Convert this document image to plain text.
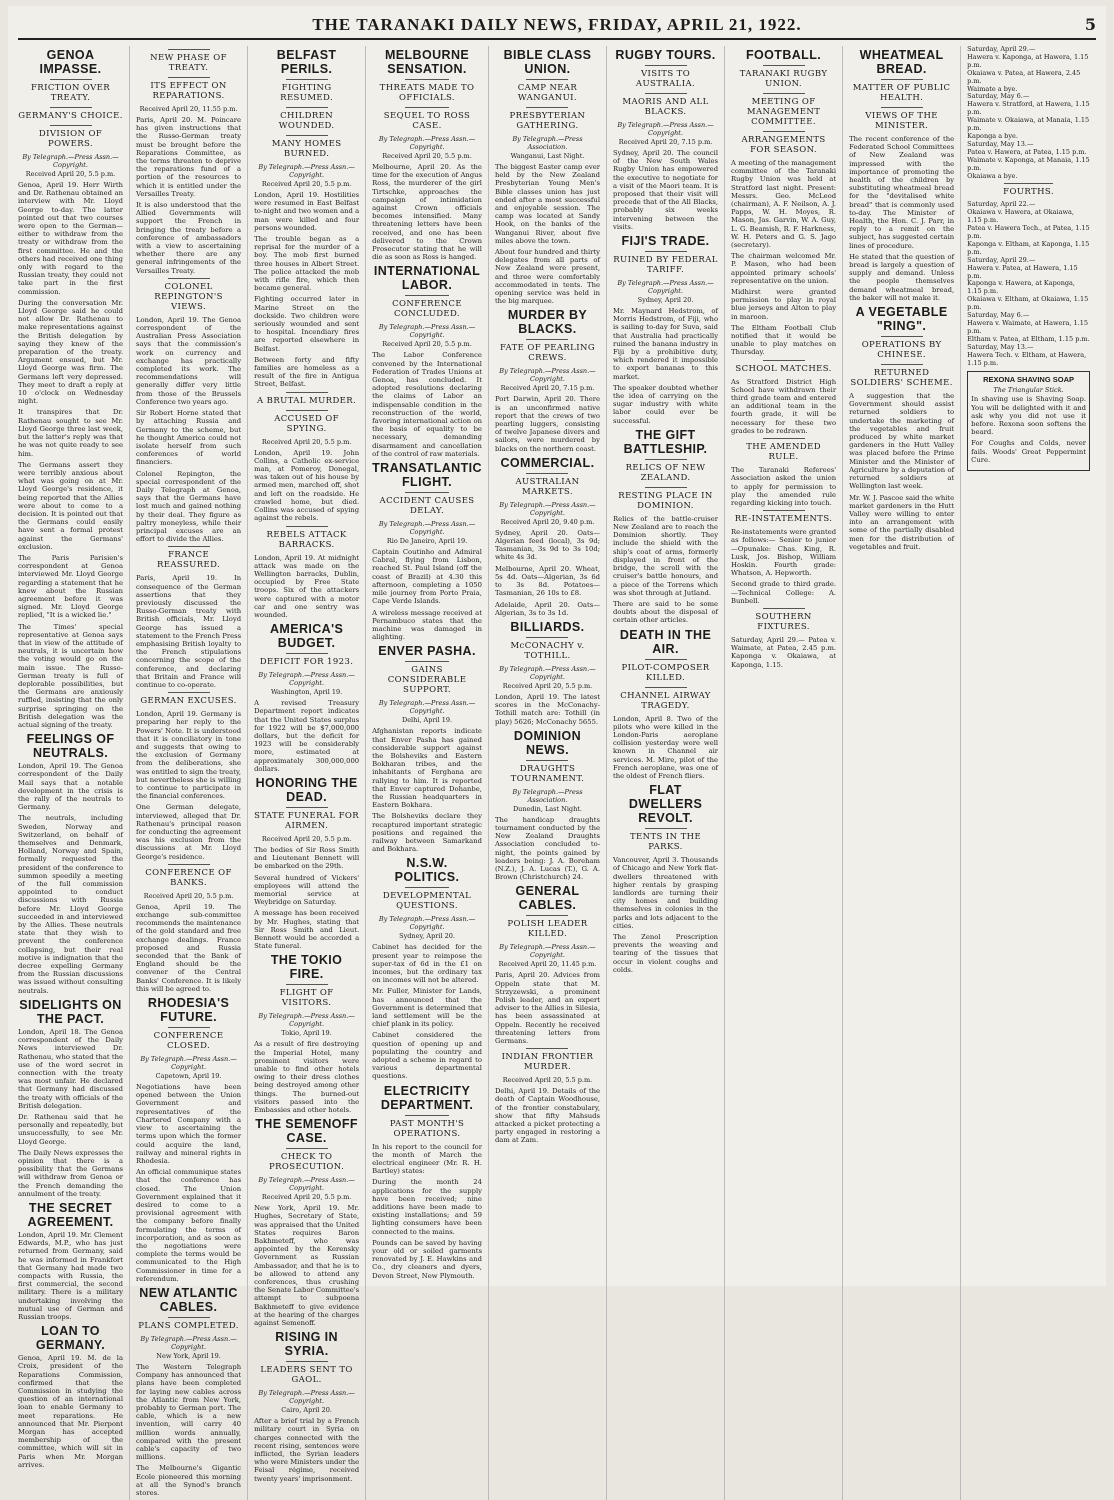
THE TARANAKI DAILY NEWS, FRIDAY, APRIL 21, 1922.	5
GENOA IMPASSE.
FRICTION OVER TREATY.
GERMANY'S CHOICE.
DIVISION OF POWERS.
By Telegraph.—Press Assn.—Copyright.
Received April 20, 5.5 p.m.

Genoa, April 19. Herr Wirth and Dr. Rathenau obtained an interview with Mr. Lloyd George to-day. The latter pointed out that two courses were open to the German—either to withdraw from the treaty or withdraw from the first committee. He and the others had received one thing only with regard to the Russian treaty, they could not take part in the first commission.

During the conversation Mr. Lloyd George said he could not allow Dr. Rathenau to make representations against the British delegation by saying they knew of the preparation of the treaty. Argument ensued, but Mr. Lloyd George was firm. The Germans left very depressed. They meet to draft a reply at 10 o'clock on Wednesday night.

It transpires that Dr. Rathenau sought to see Mr. Lloyd George three last week, but the latter's reply was that he was not quite ready to see him.

The Germans assert they were terribly anxious about what was going on at Mr. Lloyd George's residence, it being reported that the Allies were about to come to a decision. It is pointed out that the Germans could easily have sent a formal protest against the Germans' exclusion.

The Paris Parisien's correspondent at Genoa interviewed Mr. Lloyd George regarding a statement that he knew about the Russian agreement before it was signed. Mr. Lloyd George replied, "It is a wicked lie."

The Times' special representative at Genoa says that in view of the attitude of neutrals, it is uncertain how the voting would go on the main issue. The Russo-German treaty is full of deplorable possibilities, but the Germans are anxiously ruffled, insisting that the only surprise springing on the British delegation was the actual signing of the treaty.

FEELINGS OF NEUTRALS.

London, April 19. The Genoa correspondent of the Daily Mail says that a notable development in the crisis is the rally of the neutrals to Germany.

The neutrals, including Sweden, Norway and Switzerland, on behalf of themselves and Denmark, Holland, Norway and Spain, formally requested the president of the conference to summon speedily a meeting of the full commission appointed to conduct discussions with Russia before Mr. Lloyd George succeeded in and interviewed by the Allies. These neutrals state that they wish to prevent the conference collapsing, but their real motive is indignation that the decree expelling Germany from the Russian discussions was issued without consulting neutrals.

SIDELIGHTS ON THE PACT.

London, April 18. The Genoa correspondent of the Daily News interviewed Dr. Rathenau, who stated that the use of the word secret in connection with the treaty was most unfair. He declared that Germany had discussed the treaty with officials of the British delegation.

Dr. Rathenau said that he personally and repeatedly, but unsuccessfully, to see Mr. Lloyd George.

The Daily News expresses the opinion that there is a possibility that the Germans will withdraw from Genoa or the French demanding the annulment of the treaty.

THE SECRET AGREEMENT.

London, April 19. Mr. Clement Edwards, M.P., who has just returned from Germany, said he was informed in Frankfort that Germany had made two compacts with Russia, the first commercial, the second military. There is a military undertaking involving the mutual use of German and Russian troops.

LOAN TO GERMANY.

Genoa, April 19. M. de la Croix, president of the Reparations Commission, confirmed that the Commission in studying the question of an international loan to enable Germany to meet reparations. He announced that Mr. Pierpont Morgan has accepted membership of the committee, which will sit in Paris when Mr. Morgan arrives.

NEW PHASE OF TREATY.
ITS EFFECT ON REPARATIONS.
Received April 20, 11.55 p.m.

Paris, April 20. M. Poincare has given instructions that the Russo-German treaty must be brought before the Reparations Committee, as the terms threaten to deprive the reparations fund of a portion of the resources to which it is entitled under the Versailles Treaty.

It is also understood that the Allied Governments will support the French in bringing the treaty before a conference of ambassadors with a view to ascertaining whether there are any general infringements of the Versailles Treaty.

COLONEL REPINGTON'S VIEWS.

London, April 19. The Genoa correspondent of the Australian Press Association says that the commission's work on currency and exchange has practically completed its work. The recommendations will generally differ very little from those of the Brussels Conference two years ago.

Sir Robert Horne stated that by attaching Russia and Germany to the scheme, but he thought America could not isolate herself from such conferences of world financiers.

Colonel Repington, the special correspondent of the Daily Telegraph at Genoa, says that the Germans have lost much and gained nothing by their deal. They figure as paltry moneyless, while their principal excuses are an effort to divide the Allies.

FRANCE REASSURED.

Paris, April 19. In consequence of the German assertions that they previously discussed the Russo-German treaty with British officials, Mr. Lloyd George has issued a statement to the French Press emphasising British loyalty to the French stipulations concerning the scope of the conference, and declaring that Britain and France will continue to co-operate.

GERMAN EXCUSES.

London, April 19. Germany is preparing her reply to the Powers' Note. It is understood that it is conciliatory in tone and suggests that owing to the exclusion of Germany from the deliberations, she was entitled to sign the treaty, but nevertheless she is willing to continue to participate in the financial conferences.

One German delegate, interviewed, alleged that Dr. Rathenau's principal reason for conducting the agreement was his exclusion from the discussions at Mr. Lloyd George's residence.

CONFERENCE OF BANKS.
Received April 20, 5.5 p.m.

Genoa, April 19. The exchange sub-committee recommends the maintenance of the gold standard and free exchange dealings. France proposed and Russia seconded that the Bank of England should be the convener of the Central Banks' Conference. It is likely this will be agreed to.

RHODESIA'S FUTURE.
CONFERENCE CLOSED.
By Telegraph.—Press Assn.—Copyright.
Capetown, April 19.

Negotiations have been opened between the Union Government and representatives of the Chartered Company with a view to ascertaining the terms upon which the former could acquire the land, railway and mineral rights in Rhodesia.

An official communique states that the conference has closed. The Union Government explained that it desired to come to a provisional agreement with the company before finally formulating the terms of incorporation, and as soon as the negotiations were complete the terms would be communicated to the High Commissioner in time for a referendum.

NEW ATLANTIC CABLES.
PLANS COMPLETED.
By Telegraph.—Press Assn.—Copyright.
New York, April 19.

The Western Telegraph Company has announced that plans have been completed for laying new cables across the Atlantic from New York, probably to German port. The cable, which is a new invention, will carry 40 million words annually, compared with the present cable's capacity of two millions.

The Melbourne's Gigantic Ecole pioneered this morning at all the Synod's branch stores.

BELFAST PERILS.
FIGHTING RESUMED.
CHILDREN WOUNDED.
MANY HOMES BURNED.
By Telegraph.—Press Assn.—Copyright.
Received April 20, 5.5 p.m.

London, April 19. Hostilities were resumed in East Belfast to-night and two women and a man were killed and four persons wounded.

The trouble began as a reprisal for the murder of a boy. The mob first burned three houses in Albert Street. The police attacked the mob with rifle fire, which then became general.

Fighting occurred later in Marine Street on the dockside. Two children were seriously wounded and sent to hospital. Incendiary fires are reported elsewhere in Belfast.

Between forty and fifty families are homeless as a result of the fire in Antigua Street, Belfast.

A BRUTAL MURDER.
ACCUSED OF SPYING.
Received April 20, 5.5 p.m.

London, April 19. John Collins, a Catholic ex-service man, at Pomeroy, Donegal, was taken out of his house by armed men, marched off, shot and left on the roadside. He crawled home, but died. Collins was accused of spying against the rebels.

REBELS ATTACK BARRACKS.

London, April 19. At midnight attack was made on the Wellington barracks, Dublin, occupied by Free State troops. Six of the attackers were captured with a motor car and one sentry was wounded.

AMERICA'S BUDGET.
DEFICIT FOR 1923.
By Telegraph.—Press Assn.—Copyright.
Washington, April 19.

A revised Treasury Department report indicates that the United States surplus for 1922 will be $7,000,000 dollars, but the deficit for 1923 will be considerably more, estimated at approximately 300,000,000 dollars.

HONORING THE DEAD.
STATE FUNERAL FOR AIRMEN.
Received April 20, 5.5 p.m.

The bodies of Sir Ross Smith and Lieutenant Bennett will be embarked on the 29th.

Several hundred of Vickers' employees will attend the memorial service at Weybridge on Saturday.

A message has been received by Mr. Hughes, stating that Sir Ross Smith and Lieut. Bennett would be accorded a State funeral.

THE TOKIO FIRE.
FLIGHT OF VISITORS.
By Telegraph.—Press Assn.—Copyright.
Tokio, April 19.

As a result of fire destroying the Imperial Hotel, many prominent visitors were unable to find other hotels owing to their dress clothes being destroyed among other things. The burned-out visitors passed into the Embassies and other hotels.

THE SEMENOFF CASE.
CHECK TO PROSECUTION.
By Telegraph.—Press Assn.—Copyright.
Received April 20, 5.5 p.m.

New York, April 19. Mr. Hughes, Secretary of State, was appraised that the United States requires Baron Bakhmeteff, who was appointed by the Kerensky Government as Russian Ambassador, and that he is to be allowed to attend any conferences, thus crushing the Senate Labor Committee's attempt to subpoena Bakhmeteff to give evidence at the hearing of the charges against Semenoff.

RISING IN SYRIA.
LEADERS SENT TO GAOL.
By Telegraph.—Press Assn.—Copyright.
Cairo, April 20.

After a brief trial by a French military court in Syria on charges connected with the recent rising, sentences were inflicted, the Syrian leaders who were Ministers under the Feisal régime, received twenty years' imprisonment.

MELBOURNE SENSATION.
THREATS MADE TO OFFICIALS.
SEQUEL TO ROSS CASE.
By Telegraph.—Press Assn.—Copyright.
Received April 20, 5.5 p.m.

Melbourne, April 20. As the time for the execution of Angus Ross, the murderer of the girl Tirtschke, approaches the campaign of intimidation against Crown officials becomes intensified. Many threatening letters have been received, and one has been delivered to the Crown Prosecutor stating that he will die as soon as Ross is hanged.

INTERNATIONAL LABOR.
CONFERENCE CONCLUDED.
By Telegraph.—Press Assn.—Copyright.
Received April 20, 5.5 p.m.

The Labor Conference convened by the International Federation of Trades Unions at Genoa, has concluded. It adopted resolutions declaring the claims of Labor an indispensable condition in the reconstruction of the world, favoring international action on the basis of equality to be necessary, demanding disarmament and cancellation of the control of raw materials.

TRANSATLANTIC FLIGHT.
ACCIDENT CAUSES DELAY.
By Telegraph.—Press Assn.—Copyright.
Rio De Janeiro, April 19.

Captain Coutinho and Admiral Cabral, flying from Lisbon, reached St. Paul Island (off the coast of Brazil) at 4.30 this afternoon, completing a 1050 mile journey from Porto Praia, Cape Verde Islands.

A wireless message received at Pernambuco states that the machine was damaged in alighting.

ENVER PASHA.
GAINS CONSIDERABLE SUPPORT.
By Telegraph.—Press Assn.—Copyright.
Delhi, April 19.

Afghanistan reports indicate that Enver Pasha has gained considerable support against the Bolsheviks and Eastern Bokharan tribes, and the inhabitants of Ferghana are rallying to him. It is reported that Enver captured Dohanbe, the Russian headquarters in Eastern Bokhara.

The Bolsheviks declare they recaptured important strategic positions and regained the railway between Samarkand and Bokhara.

N.S.W. POLITICS.
DEVELOPMENTAL QUESTIONS.
By Telegraph.—Press Assn.—Copyright.
Sydney, April 20.

Cabinet has decided for the present year to reimpose the super-tax of 6d in the £1 on incomes, but the ordinary tax on incomes will not be altered.

Mr. Fuller, Minister for Lands, has announced that the Government is determined that land settlement will be the chief plank in its policy.

Cabinet considered the question of opening up and populating the country and adopted a scheme in regard to various departmental questions.

ELECTRICITY DEPARTMENT.
PAST MONTH'S OPERATIONS.

In his report to the council for the month of March the electrical engineer (Mr. R. H. Bartley) states:

During the month 24 applications for the supply have been received; nine additions have been made to existing installations; and 59 lighting consumers have been connected to the mains.

Pounds can be saved by having your old or soiled garments renovated by J. E. Hawkins and Co., dry cleaners and dyers, Devon Street, New Plymouth.

BIBLE CLASS UNION.
CAMP NEAR WANGANUI.
PRESBYTERIAN GATHERING.
By Telegraph.—Press Association.
Wanganui, Last Night.

The biggest Easter camp ever held by the New Zealand Presbyterian Young Men's Bible classes union has just ended after a most successful and enjoyable session. The camp was located at Sandy Hook, on the banks of the Wanganui River, about five miles above the town.

About four hundred and thirty delegates from all parts of New Zealand were present, and three were comfortably accommodated in tents. The opening service was held in the big marquee.

MURDER BY BLACKS.
FATE OF PEARLING CREWS.
By Telegraph.—Press Assn.—Copyright.
Received April 20, 7.15 p.m.

Port Darwin, April 20. There is an unconfirmed native report that the crews of two pearling luggers, consisting of twelve Japanese divers and sailors, were murdered by blacks on the northern coast.

COMMERCIAL.
AUSTRALIAN MARKETS.
By Telegraph.—Press Assn.—Copyright.
Received April 20, 9.40 p.m.

Sydney, April 20. Oats—Algerian feed (local), 3s 9d; Tasmanian, 3s 9d to 3s 10d; white 4s 3d.

Melbourne, April 20. Wheat, 5s 4d. Oats—Algerian, 3s 6d to 3s 8d. Potatoes—Tasmanian, 26 10s to £8.

Adelaide, April 20. Oats—Algerian, 3s to 3s 1d.

BILLIARDS.
McCONACHY v. TOTHILL.
By Telegraph.—Press Assn.—Copyright.
Received April 20, 5.5 p.m.

London, April 19. The latest scores in the McConachy-Tothill match are: Tothill (in play) 5626; McConachy 5655.

DOMINION NEWS.
DRAUGHTS TOURNAMENT.
By Telegraph.—Press Association.
Dunedin, Last Night.

The handicap draughts tournament conducted by the New Zealand Draughts Association concluded to-night, the points gained by leaders being: J. A. Boreham (N.Z.), J. A. Lucas (T.), G. A. Brown (Christchurch) 24.

GENERAL CABLES.
POLISH LEADER KILLED.
By Telegraph.—Press Assn.—Copyright.
Received April 20, 11.45 p.m.

Paris, April 20. Advices from Oppeln state that M. Strzyzewski, a prominent Polish leader, and an expert adviser to the Allies in Silesia, has been assassinated at Oppeln. Recently he received threatening letters from Germans.

INDIAN FRONTIER MURDER.
Received April 20, 5.5 p.m.

Delhi, April 19. Details of the death of Captain Woodhouse, of the frontier constabulary, show that fifty Mahsuds attacked a picket protecting a party engaged in restoring a dam at Zam.

RUGBY TOURS.
VISITS TO AUSTRALIA.
MAORIS AND ALL BLACKS.
By Telegraph.—Press Assn.—Copyright.
Received April 20, 7.15 p.m.

Sydney, April 20. The council of the New South Wales Rugby Union has empowered the executive to negotiate for a visit of the Maori team. It is proposed that their visit will precede that of the All Blacks, probably six weeks intervening between the visits.

FIJI'S TRADE.
RUINED BY FEDERAL TARIFF.
By Telegraph.—Press Assn.—Copyright.
Sydney, April 20.

Mr. Maynard Hedstrom, of Morris Hedstrom, of Fiji, who is sailing to-day for Suva, said that Australia had practically ruined the banana industry in Fiji by a prohibitive duty, which rendered it impossible to export bananas to this market.

The speaker doubted whether the idea of carrying on the sugar industry with white labor could ever be successful.

THE GIFT BATTLESHIP.
RELICS OF NEW ZEALAND.
RESTING PLACE IN DOMINION.

Relics of the battle-cruiser New Zealand are to reach the Dominion shortly. They include the shield with the ship's coat of arms, formerly displayed in front of the bridge, the scroll with the cruiser's battle honours, and a piece of the Torrens which was shot through at Jutland.

There are said to be some doubts about the disposal of certain other articles.

DEATH IN THE AIR.
PILOT-COMPOSER KILLED.
CHANNEL AIRWAY TRAGEDY.

London, April 8. Two of the pilots who were killed in the London-Paris aeroplane collision yesterday were well known in Channel air services. M. Mire, pilot of the French aeroplane, was one of the oldest of French fliers.

FLAT DWELLERS REVOLT.
TENTS IN THE PARKS.

Vancouver, April 3. Thousands of Chicago and New York flat-dwellers threatened with higher rentals by grasping landlords are turning their city homes and building themselves in colonies in the parks and lots adjacent to the cities.

The Zenol Prescription prevents the weaving and tearing of the tissues that occur in violent coughs and colds.

FOOTBALL.
TARANAKI RUGBY UNION.
MEETING OF MANAGEMENT COMMITTEE.
ARRANGEMENTS FOR SEASON.

A meeting of the management committee of the Taranaki Rugby Union was held at Stratford last night. Present: Messrs. Geo. McLeod (chairman), A. F. Neilson, A. J. Papps, W. H. Moyes, R. Mason, Jas. Garvin, W. A. Guy, L. G. Beamish, R. F. Harkness, W. H. Peters and G. S. Jago (secretary).

The chairman welcomed Mr. P. Mason, who had been appointed primary schools' representative on the union.

Midhirst were granted permission to play in royal blue jerseys and Alton to play in maroon.

The Eltham Football Club notified that it would be unable to play matches on Thursday.

SCHOOL MATCHES.

As Stratford District High School have withdrawn their third grade team and entered an additional team in the fourth grade, it will be necessary for these two grades to be redrawn.

THE AMENDED RULE.

The Taranaki Referees' Association asked the union to apply for permission to play the amended rule regarding kicking into touch.

RE-INSTATEMENTS.

Re-instatements were granted as follows:— Senior to junior—Opunake: Chas. King, R. Lusk, Jos. Bishop, William Hoskin. Fourth grade: Whatson, A. Hepworth.

Second grade to third grade.—Technical College: A. Bunbell.

SOUTHERN FIXTURES.

Saturday, April 29.— Patea v. Waimate, at Patea, 2.45 p.m. Kaponga v. Okaiawa, at Kaponga, 1.15.

WHEATMEAL BREAD.
MATTER OF PUBLIC HEALTH.
VIEWS OF THE MINISTER.

The recent conference of the Federated School Committees of New Zealand was impressed with the importance of promoting the health of the children by substituting wheatmeal bread for the "devitalised white bread" that is commonly used to-day. The Minister of Health, the Hon. C. J. Parr, in reply to a remit on the subject, has suggested certain lines of procedure.

He stated that the question of bread is largely a question of supply and demand. Unless the people themselves demand wheatmeal bread, the baker will not make it.

A VEGETABLE "RING".
OPERATIONS BY CHINESE.
RETURNED SOLDIERS' SCHEME.

A suggestion that the Government should assist returned soldiers to undertake the marketing of the vegetables and fruit produced by white market gardeners in the Hutt Valley was placed before the Prime Minister and the Minister of Agriculture by a deputation of returned soldiers at Wellington last week.

Mr. W. J. Pascoe said the white market gardeners in the Hutt Valley were willing to enter into an arrangement with some of the partially disabled men for the distribution of vegetables and fruit.

Saturday, April 29.—

Hawera v. Kaponga, at Hawera, 1.15 p.m.

Okaiawa v. Patea, at Hawera, 2.45 p.m.

Waimate a bye.

Saturday, May 6.—

Hawera v. Stratford, at Hawera, 1.15 p.m.

Waimate v. Okaiawa, at Manaia, 1.15 p.m.

Kaponga a bye.

Saturday, May 13.—

Patea v. Hawera, at Patea, 1.15 p.m.

Waimate v. Kaponga, at Manaia, 1.15 p.m.

Okaiawa a bye.

FOURTHS.

Saturday, April 22.—

Okaiawa v. Hawera, at Okaiawa, 1.15 p.m.

Patea v. Hawera Tech., at Patea, 1.15 p.m.

Kaponga v. Eltham, at Kaponga, 1.15 p.m.

Saturday, April 29.—

Hawera v. Patea, at Hawera, 1.15 p.m.

Kaponga v. Hawera, at Kaponga, 1.15 p.m.

Okaiawa v. Eltham, at Okaiawa, 1.15 p.m.

Saturday, May 6.—

Hawera v. Waimate, at Hawera, 1.15 p.m.

Eltham v. Patea, at Eltham, 1.15 p.m.

Saturday, May 13.—

Hawera Tech. v. Eltham, at Hawera, 1.15 p.m.

REXONA SHAVING SOAP
The Triangular Stick.

In shaving use is Shaving Soap. You will be delighted with it and ask why you did not use it before. Rexona soon softens the beard.

For Coughs and Colds, never fails. Woods' Great Peppermint Cure.
